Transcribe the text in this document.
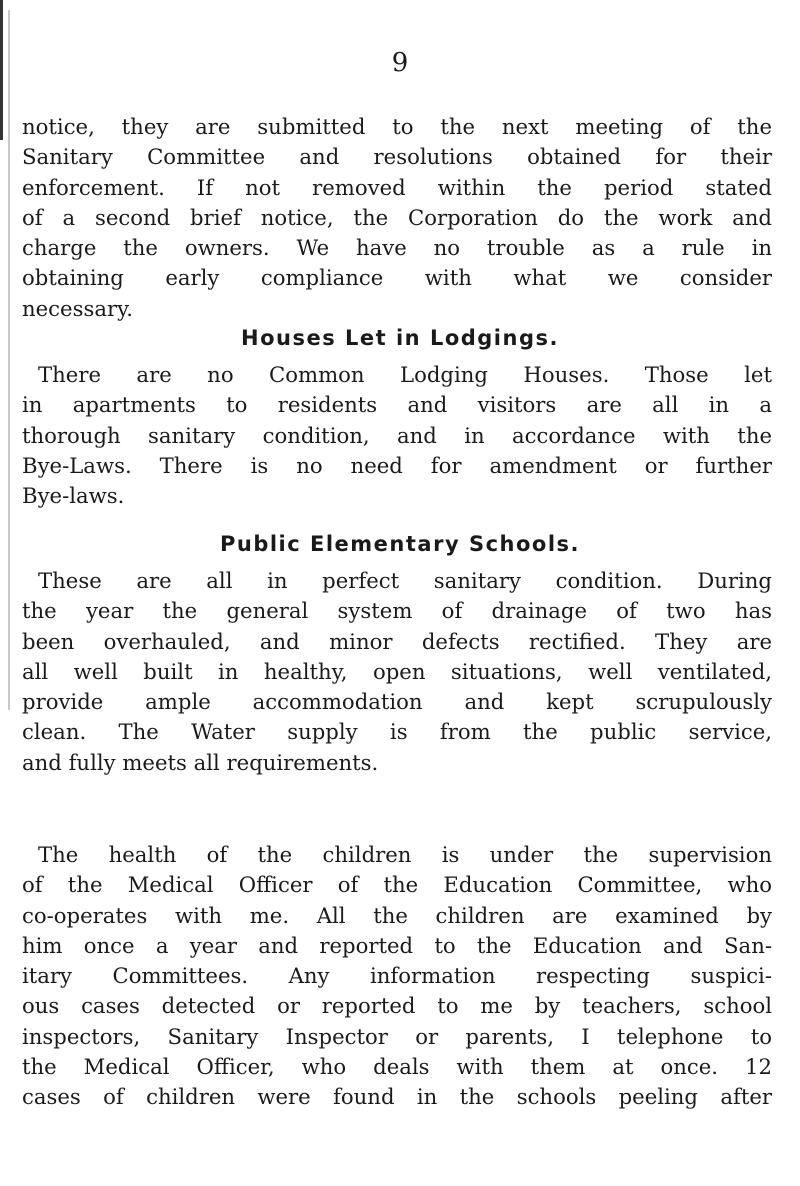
9
notice, they are submitted to the next meeting of the
Sanitary Committee and resolutions obtained for their
enforcement. If not removed within the period stated
of a second brief notice, the Corporation do the work and
charge the owners. We have no trouble as a rule in
obtaining early compliance with what we consider
necessary.
Houses Let in Lodgings.
There are no Common Lodging Houses. Those let
in apartments to residents and visitors are all in a
thorough sanitary condition, and in accordance with the
Bye-Laws. There is no need for amendment or further
Bye-laws.
Public Elementary Schools.
These are all in perfect sanitary condition. During
the year the general system of drainage of two has
been overhauled, and minor defects rectified. They are
all well built in healthy, open situations, well ventilated,
provide ample accommodation and kept scrupulously
clean. The Water supply is from the public service,
and fully meets all requirements.
The health of the children is under the supervision
of the Medical Officer of the Education Committee, who
co-operates with me. All the children are examined by
him once a year and reported to the Education and San-
itary Committees. Any information respecting suspici-
ous cases detected or reported to me by teachers, school
inspectors, Sanitary Inspector or parents, I telephone to
the Medical Officer, who deals with them at once. 12
cases of children were found in the schools peeling after
